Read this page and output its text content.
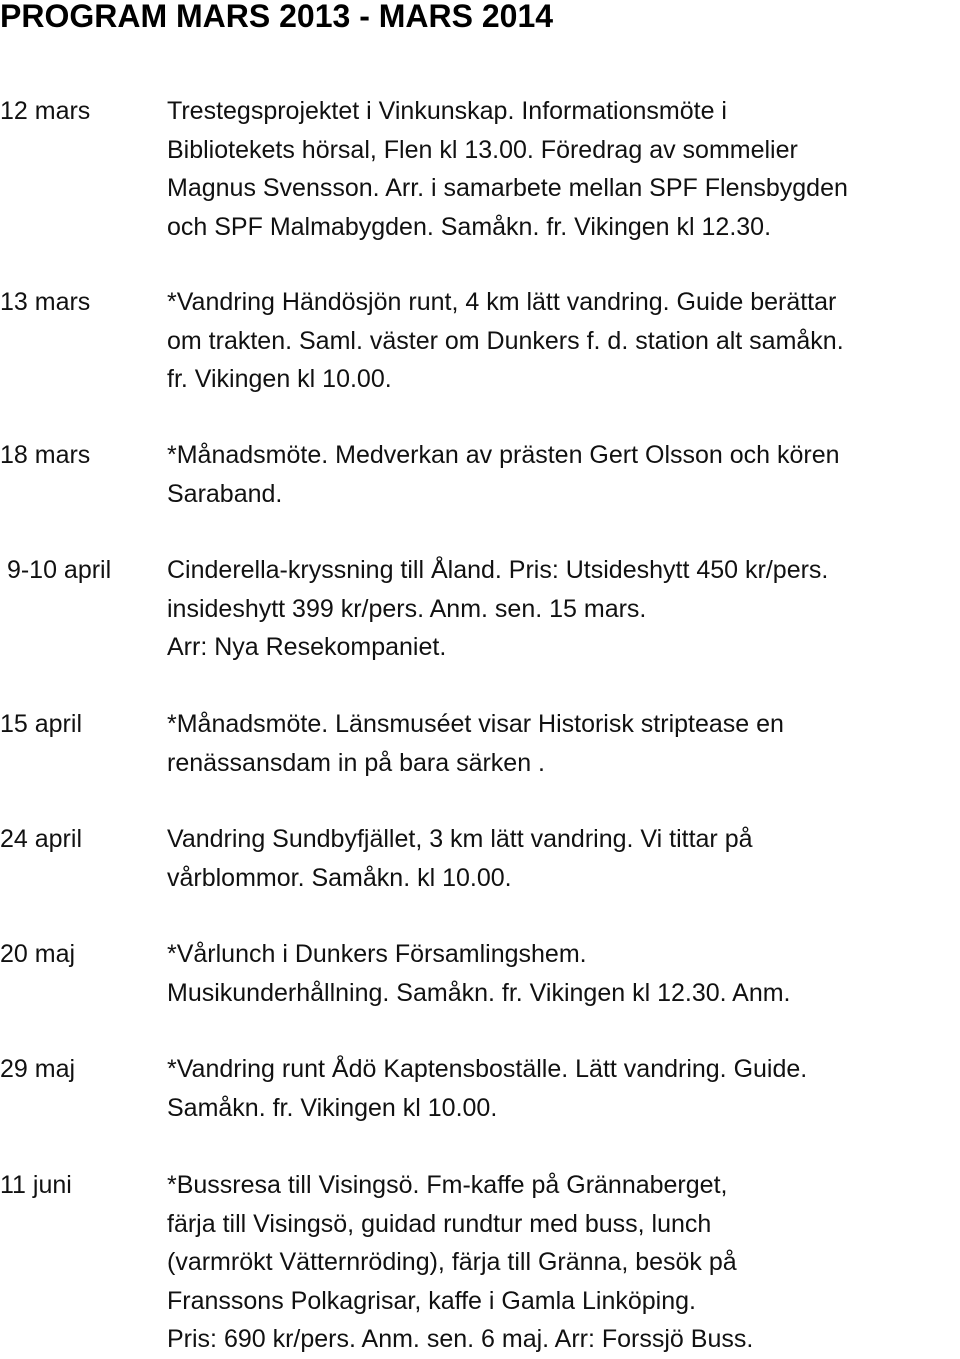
PROGRAM MARS 2013 - MARS 2014
12 mars	Trestegsprojektet i Vinkunskap. Informationsmöte i
Bibliotekets hörsal, Flen kl 13.00. Föredrag av sommelier
Magnus Svensson. Arr. i samarbete mellan SPF Flensbygden
och SPF Malmabygden. Samåkn. fr. Vikingen kl 12.30.
13 mars	*Vandring Händösjön runt, 4 km lätt vandring. Guide berättar
om trakten. Saml. väster om Dunkers f. d. station alt samåkn.
fr. Vikingen kl 10.00.
18 mars	*Månadsmöte. Medverkan av prästen Gert Olsson och kören
Saraband.
9-10 april	Cinderella-kryssning till Åland. Pris: Utsideshytt 450 kr/pers.
insideshytt 399 kr/pers. Anm. sen. 15 mars.
Arr: Nya Resekompaniet.
15 april	*Månadsmöte. Länsmuséet visar Historisk striptease en
renässansdam in på bara särken .
24 april	Vandring Sundbyfjället, 3 km lätt vandring. Vi tittar på
vårblommor. Samåkn. kl 10.00.
20 maj	*Vårlunch i Dunkers Församlingshem.
Musikunderhållning. Samåkn. fr. Vikingen kl 12.30. Anm.
29 maj	*Vandring runt Ådö Kaptensboställe. Lätt vandring. Guide.
Samåkn. fr. Vikingen kl 10.00.
11 juni	*Bussresa till Visingsö. Fm-kaffe på Grännaberget,
färja till Visingsö, guidad rundtur med buss, lunch
(varmrökt Vätternröding), färja till Gränna, besök på
Franssons Polkagrisar, kaffe i Gamla Linköping.
Pris: 690 kr/pers. Anm. sen. 6 maj. Arr: Forssjö Buss.
